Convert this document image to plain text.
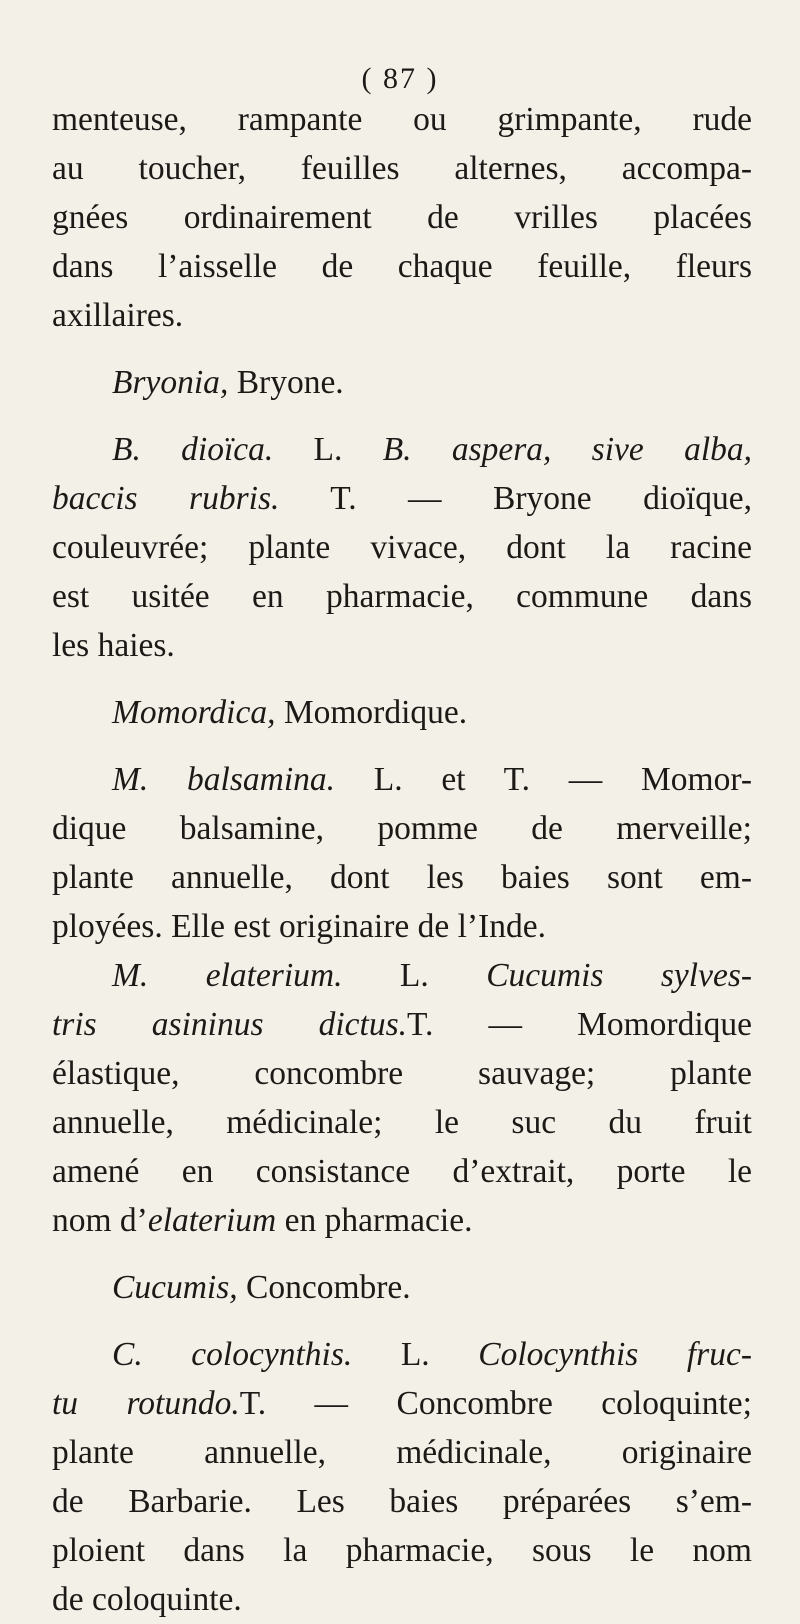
( 87 )
menteuse, rampante ou grimpante, rude
au toucher, feuilles alternes, accompa-
gnées ordinairement de vrilles placées
dans l’aisselle de chaque feuille, fleurs
axillaires.
Bryonia, Bryone.
B. dioïca. L. B. aspera, sive alba,
baccis rubris. T. — Bryone dioïque,
couleuvrée; plante vivace, dont la racine
est usitée en pharmacie, commune dans
les haies.
Momordica, Momordique.
M. balsamina. L. et T. — Momor-
dique balsamine, pomme de merveille;
plante annuelle, dont les baies sont em-
ployées. Elle est originaire de l’Inde.
M. elaterium. L. Cucumis sylves-
tris asininus dictus.T. — Momordique
élastique, concombre sauvage; plante
annuelle, médicinale; le suc du fruit
amené en consistance d’extrait, porte le
nom d’elaterium en pharmacie.
Cucumis, Concombre.
C. colocynthis. L. Colocynthis fruc-
tu rotundo.T. — Concombre coloquinte;
plante annuelle, médicinale, originaire
de Barbarie. Les baies préparées s’em-
ploient dans la pharmacie, sous le nom
de coloquinte.
